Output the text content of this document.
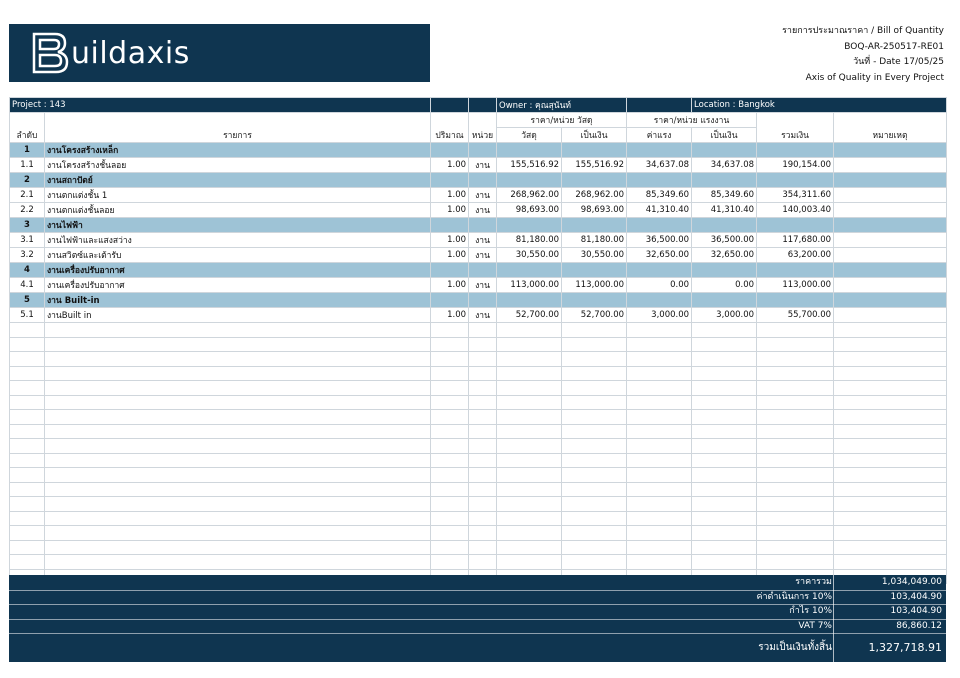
uildaxis
รายการประมาณราคา / Bill of Quantity
BOQ-AR-250517-RE01
วันที่ - Date 17/05/25
Axis of Quality in Every Project
Project : 143				Owner : คุณสุนันท์			Location : Bangkok		
ลำดับ	รายการ	ปริมาณ	หน่วย	ราคา/หน่วย วัสดุ		ราคา/หน่วย แรงงาน		รวมเงิน	หมายเหตุ
				วัสดุ	เป็นเงิน	ค่าแรง	เป็นเงิน		
1	งานโครงสร้างเหล็ก								
1.1	งานโครงสร้างชั้นลอย	1.00	งาน	155,516.92	155,516.92	34,637.08	34,637.08	190,154.00	
2	งานสถาปัตย์								
2.1	งานตกแต่งชั้น 1	1.00	งาน	268,962.00	268,962.00	85,349.60	85,349.60	354,311.60	
2.2	งานตกแต่งชั้นลอย	1.00	งาน	98,693.00	98,693.00	41,310.40	41,310.40	140,003.40	
3	งานไฟฟ้า								
3.1	งานไฟฟ้าและแสงสว่าง	1.00	งาน	81,180.00	81,180.00	36,500.00	36,500.00	117,680.00	
3.2	งานสวิตซ์และเต้ารับ	1.00	งาน	30,550.00	30,550.00	32,650.00	32,650.00	63,200.00	
4	งานเครื่องปรับอากาศ								
4.1	งานเครื่องปรับอากาศ	1.00	งาน	113,000.00	113,000.00	0.00	0.00	113,000.00	
5	งาน Built-in								
5.1	งานBuilt in	1.00	งาน	52,700.00	52,700.00	3,000.00	3,000.00	55,700.00	

ราคารวม	1,034,049.00
ค่าดำเนินการ 10%	103,404.90
กำไร 10%	103,404.90
VAT 7%	86,860.12
รวมเป็นเงินทั้งสิ้น	1,327,718.91
